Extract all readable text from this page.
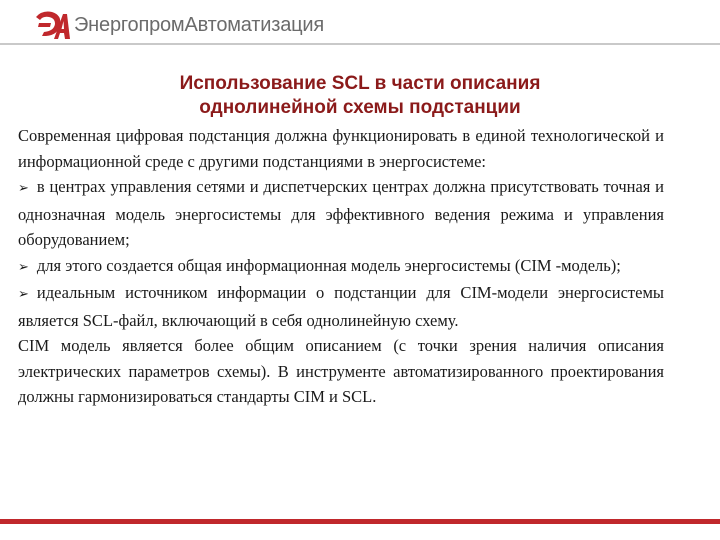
ЭнергопромАвтоматизация
Использование SCL в части описания
однолинейной схемы подстанции

Современная цифровая подстанция должна функционировать в единой технологической и информационной среде с другими подстанциями в энергосистеме:

➢ в центрах управления сетями и диспетчерских центрах должна присутствовать точная и однозначная модель энергосистемы для эффективного ведения режима и управления оборудованием;

➢ для этого создается общая информационная модель энергосистемы (CIM -модель);

➢ идеальным источником информации о подстанции для CIM-модели энергосистемы является SCL-файл, включающий в себя однолинейную схему.

CIM модель является более общим описанием (с точки зрения наличия описания электрических параметров схемы). В инструменте автоматизированного проектирования должны гармонизироваться стандарты CIM и SCL.
